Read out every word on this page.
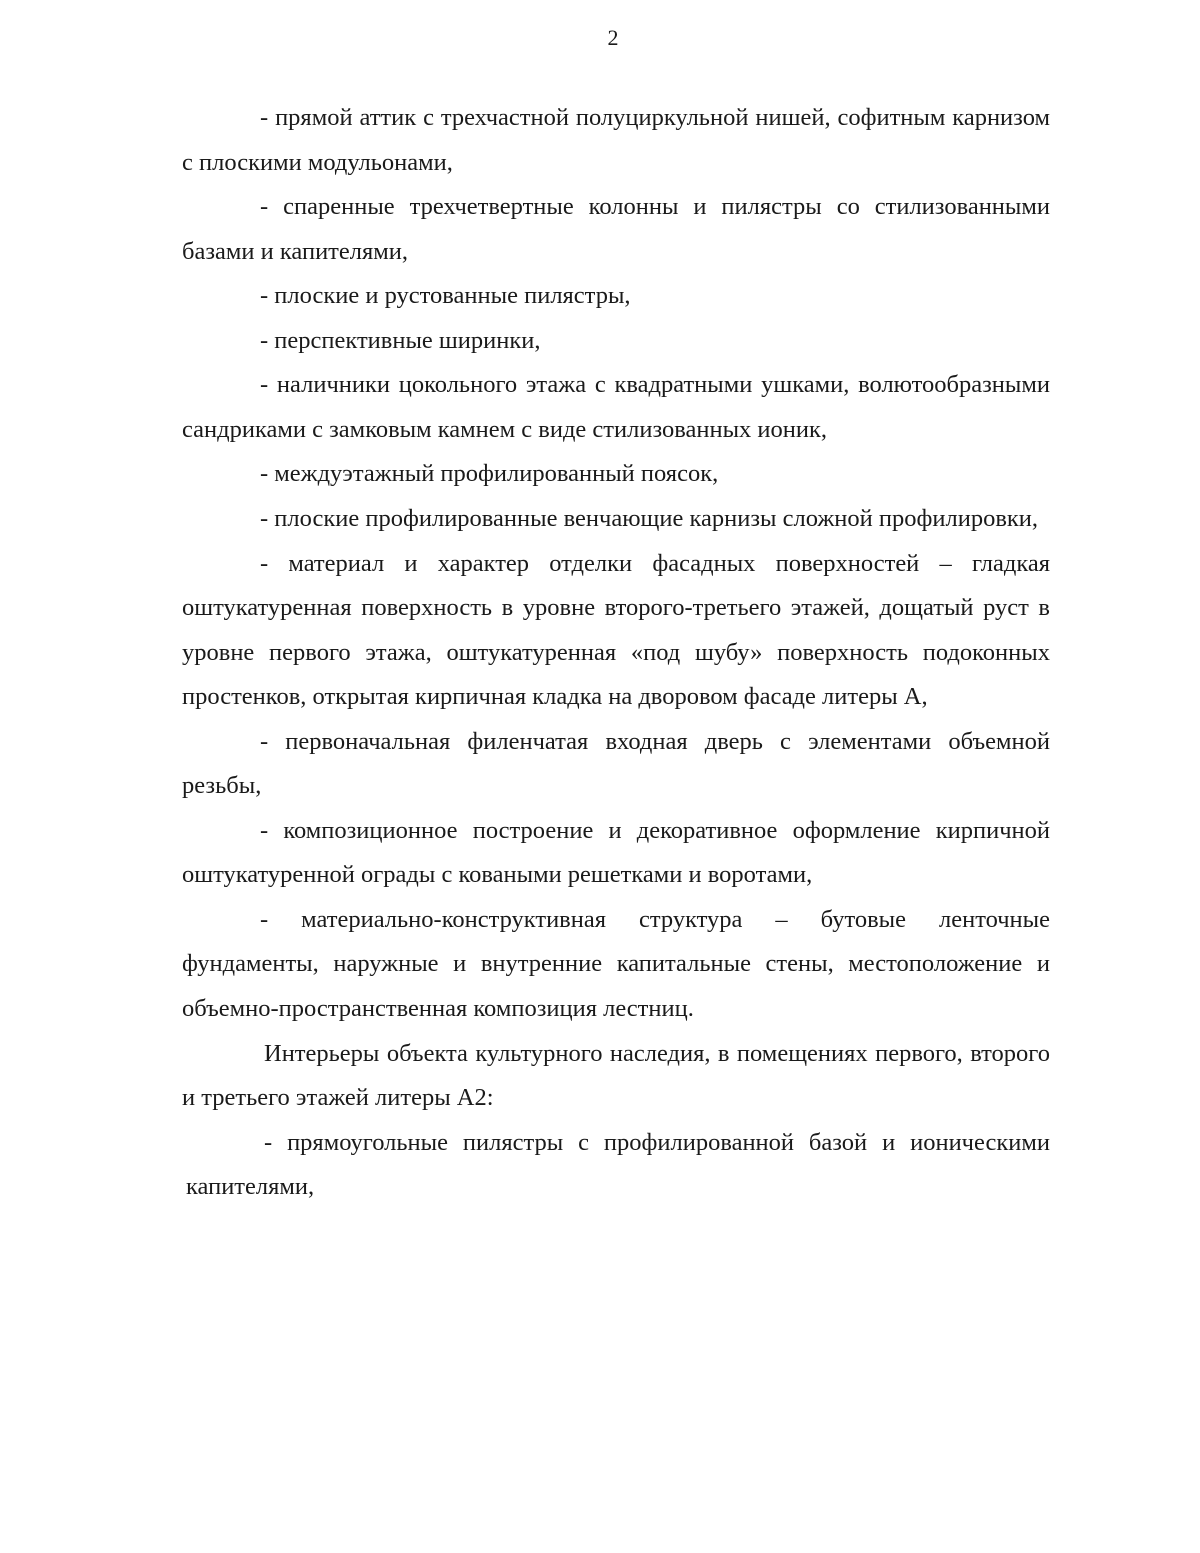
2

- прямой аттик с трехчастной полуциркульной нишей, софитным карнизом с плоскими модульонами,

- спаренные трехчетвертные колонны и пилястры со стилизованными базами и капителями,

- плоские и рустованные пилястры,

- перспективные ширинки,

- наличники цокольного этажа с квадратными ушками, волютообразными сандриками с замковым камнем с виде стилизованных ионик,

- междуэтажный профилированный поясок,

- плоские профилированные венчающие карнизы сложной профилировки,

- материал и характер отделки фасадных поверхностей – гладкая оштукатуренная поверхность в уровне второго-третьего этажей, дощатый руст в уровне первого этажа, оштукатуренная «под шубу» поверхность подоконных простенков, открытая кирпичная кладка на дворовом фасаде литеры А,

- первоначальная филенчатая входная дверь с элементами объемной резьбы,

- композиционное построение и декоративное оформление кирпичной оштукатуренной ограды с коваными решетками и воротами,

- материально-конструктивная структура – бутовые ленточные фундаменты, наружные и внутренние капитальные стены, местоположение и объемно-пространственная композиция лестниц.

Интерьеры объекта культурного наследия, в помещениях первого, второго и третьего этажей литеры А2:

- прямоугольные пилястры с профилированной базой и ионическими капителями,
